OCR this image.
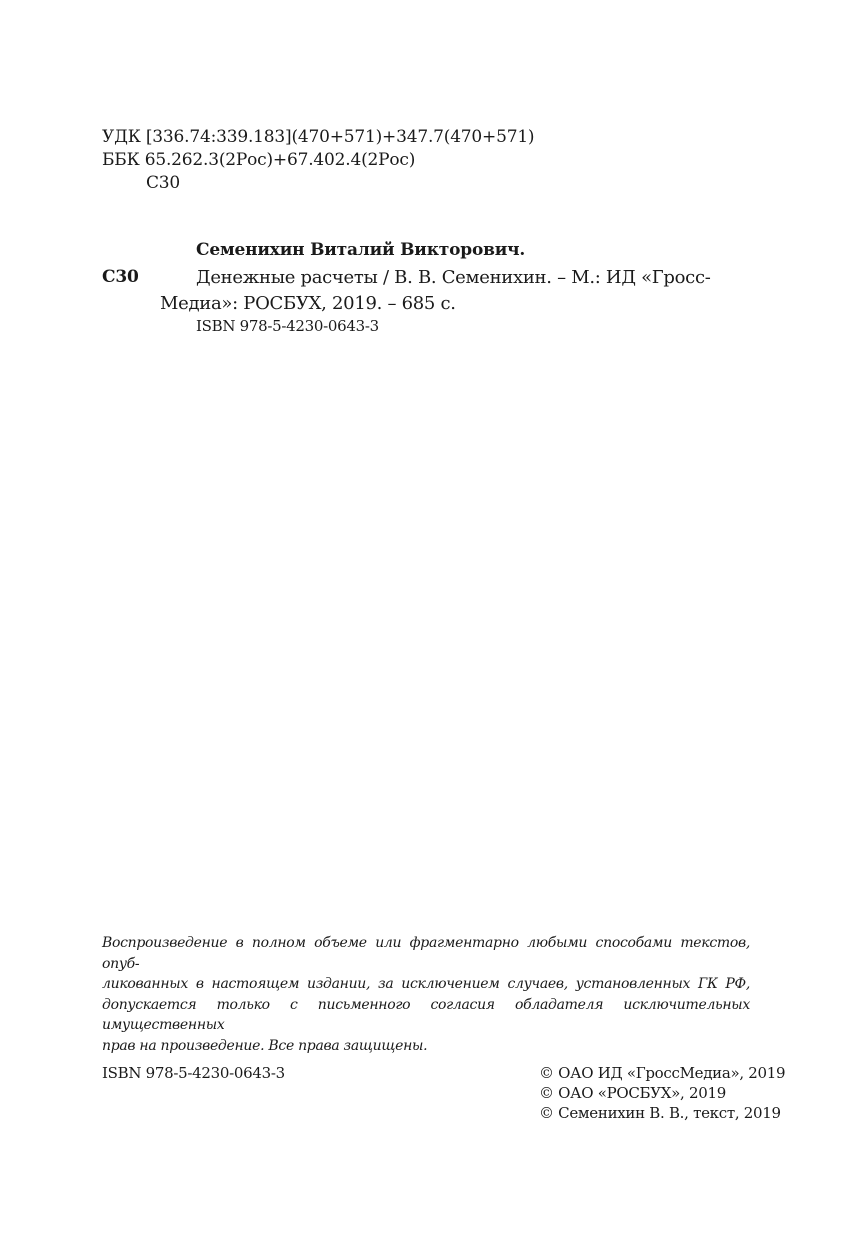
УДК [336.74:339.183](470+571)+347.7(470+571)
ББК 65.262.3(2Рос)+67.402.4(2Рос)
С30
Семенихин Виталий Викторович.
С30	Денежные расчеты / В. В. Семенихин. – М.: ИД «Гросс-
Медиа»: РОСБУХ, 2019. – 685 с.
ISBN 978-5-4230-0643-3
Воспроизведение в полном объеме или фрагментарно любыми способами текстов, опуб-
ликованных в настоящем издании, за исключением случаев, установленных ГК РФ,
допускается только с письменного согласия обладателя исключительных имущественных
прав на произведение. Все права защищены.
ISBN 978-5-4230-0643-3	© ОАО ИД «ГроссМедиа», 2019
© ОАО «РОСБУХ», 2019
© Семенихин В. В., текст, 2019
